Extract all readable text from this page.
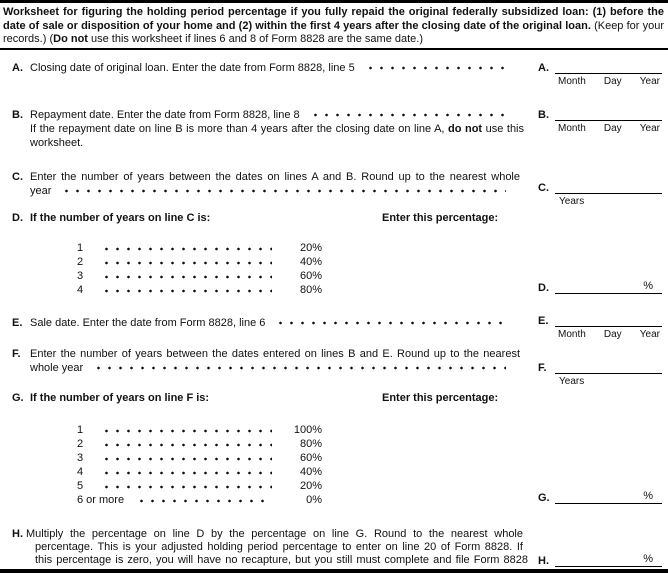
Worksheet for figuring the holding period percentage if you fully repaid the original federally subsidized loan: (1) before the date of sale or disposition of your home and (2) within the first 4 years after the closing date of the original loan. (Keep for your records.) (Do not use this worksheet if lines 6 and 8 of Form 8828 are the same date.)
A. Closing date of original loan. Enter the date from Form 8828, line 5	A.
Month Day Year
B. Repayment date. Enter the date from Form 8828, line 8
If the repayment date on line B is more than 4 years after the closing date on line A, do not use this worksheet.
B.
Month Day Year
C. Enter the number of years between the dates on lines A and B. Round up to the nearest whole
year	C.
Years
D. If the number of years on line C is:	Enter this percentage:
1	20%
2	40%
3	60%
4	80%	D.	%
E. Sale date. Enter the date from Form 8828, line 6	E.
Month Day Year
F. Enter the number of years between the dates entered on lines B and E. Round up to the nearest
whole year	F.
Years
G. If the number of years on line F is:	Enter this percentage:
1	100%
2	80%
3	60%
4	40%
5	20%
6 or more	0%	G.	%
H. Multiply the percentage on line D by the percentage on line G. Round to the nearest whole
percentage. This is your adjusted holding period percentage to enter on line 20 of Form 8828. If
this percentage is zero, you will have no recapture, but you still must complete and file Form 8828 H.	%
